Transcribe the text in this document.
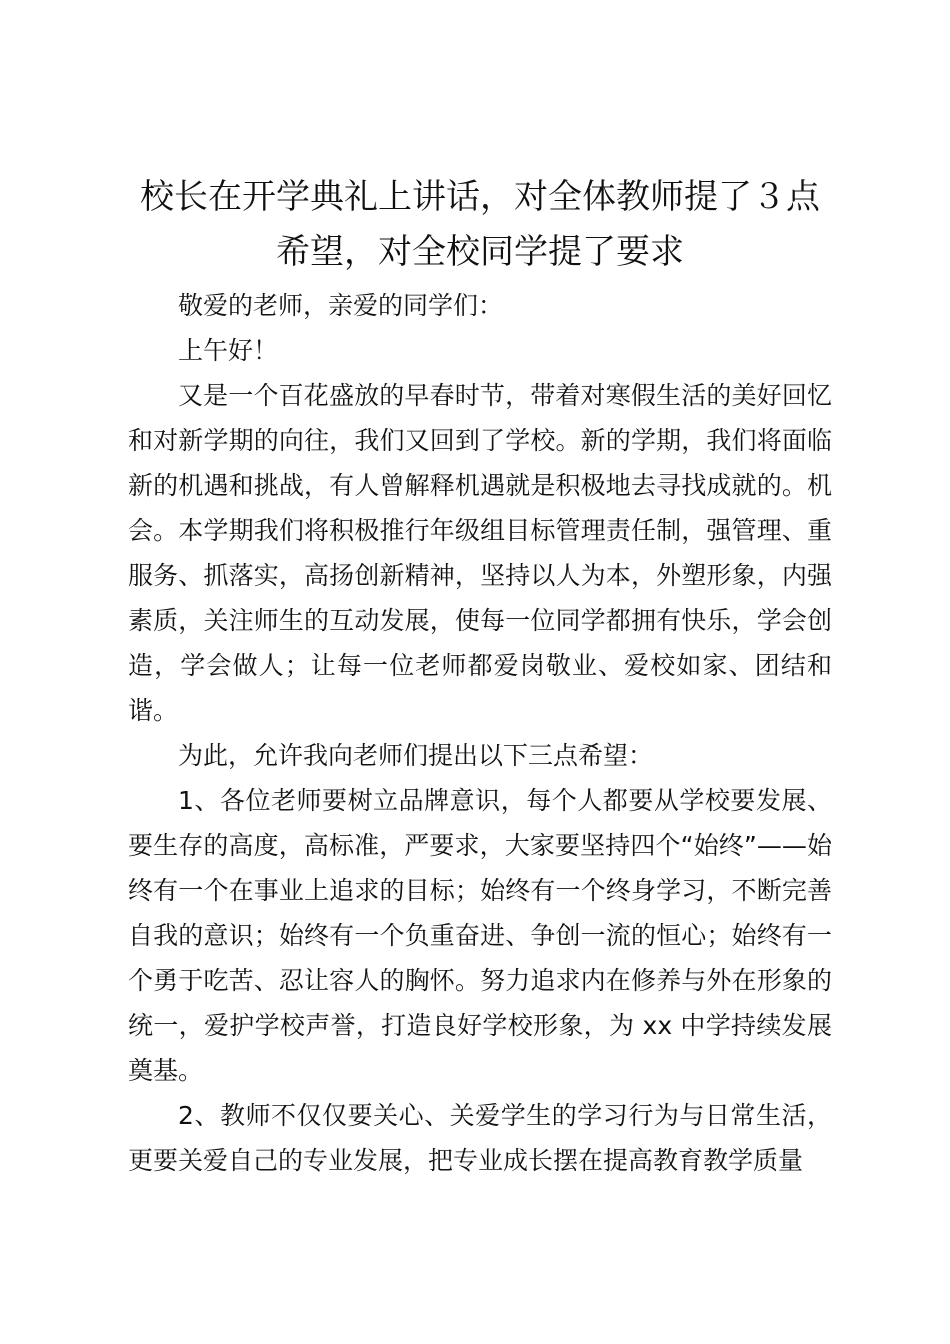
校长在开学典礼上讲话，对全体教师提了３点希望，对全校同学提了要求

敬爱的老师，亲爱的同学们：

上午好！

又是一个百花盛放的早春时节，带着对寒假生活的美好回忆和对新学期的向往，我们又回到了学校。新的学期，我们将面临新的机遇和挑战，有人曾解释机遇就是积极地去寻找成就的。机会。本学期我们将积极推行年级组目标管理责任制，强管理、重服务、抓落实，高扬创新精神，坚持以人为本，外塑形象，内强素质，关注师生的互动发展，使每一位同学都拥有快乐，学会创造，学会做人；让每一位老师都爱岗敬业、爱校如家、团结和谐。

为此，允许我向老师们提出以下三点希望：

1、各位老师要树立品牌意识，每个人都要从学校要发展、要生存的高度，高标准，严要求，大家要坚持四个“始终”——始终有一个在事业上追求的目标；始终有一个终身学习，不断完善自我的意识；始终有一个负重奋进、争创一流的恒心；始终有一个勇于吃苦、忍让容人的胸怀。努力追求内在修养与外在形象的统一，爱护学校声誉，打造良好学校形象，为 xx 中学持续发展奠基。

2、教师不仅仅要关心、关爱学生的学习行为与日常生活，更要关爱自己的专业发展，把专业成长摆在提高教育教学质量
